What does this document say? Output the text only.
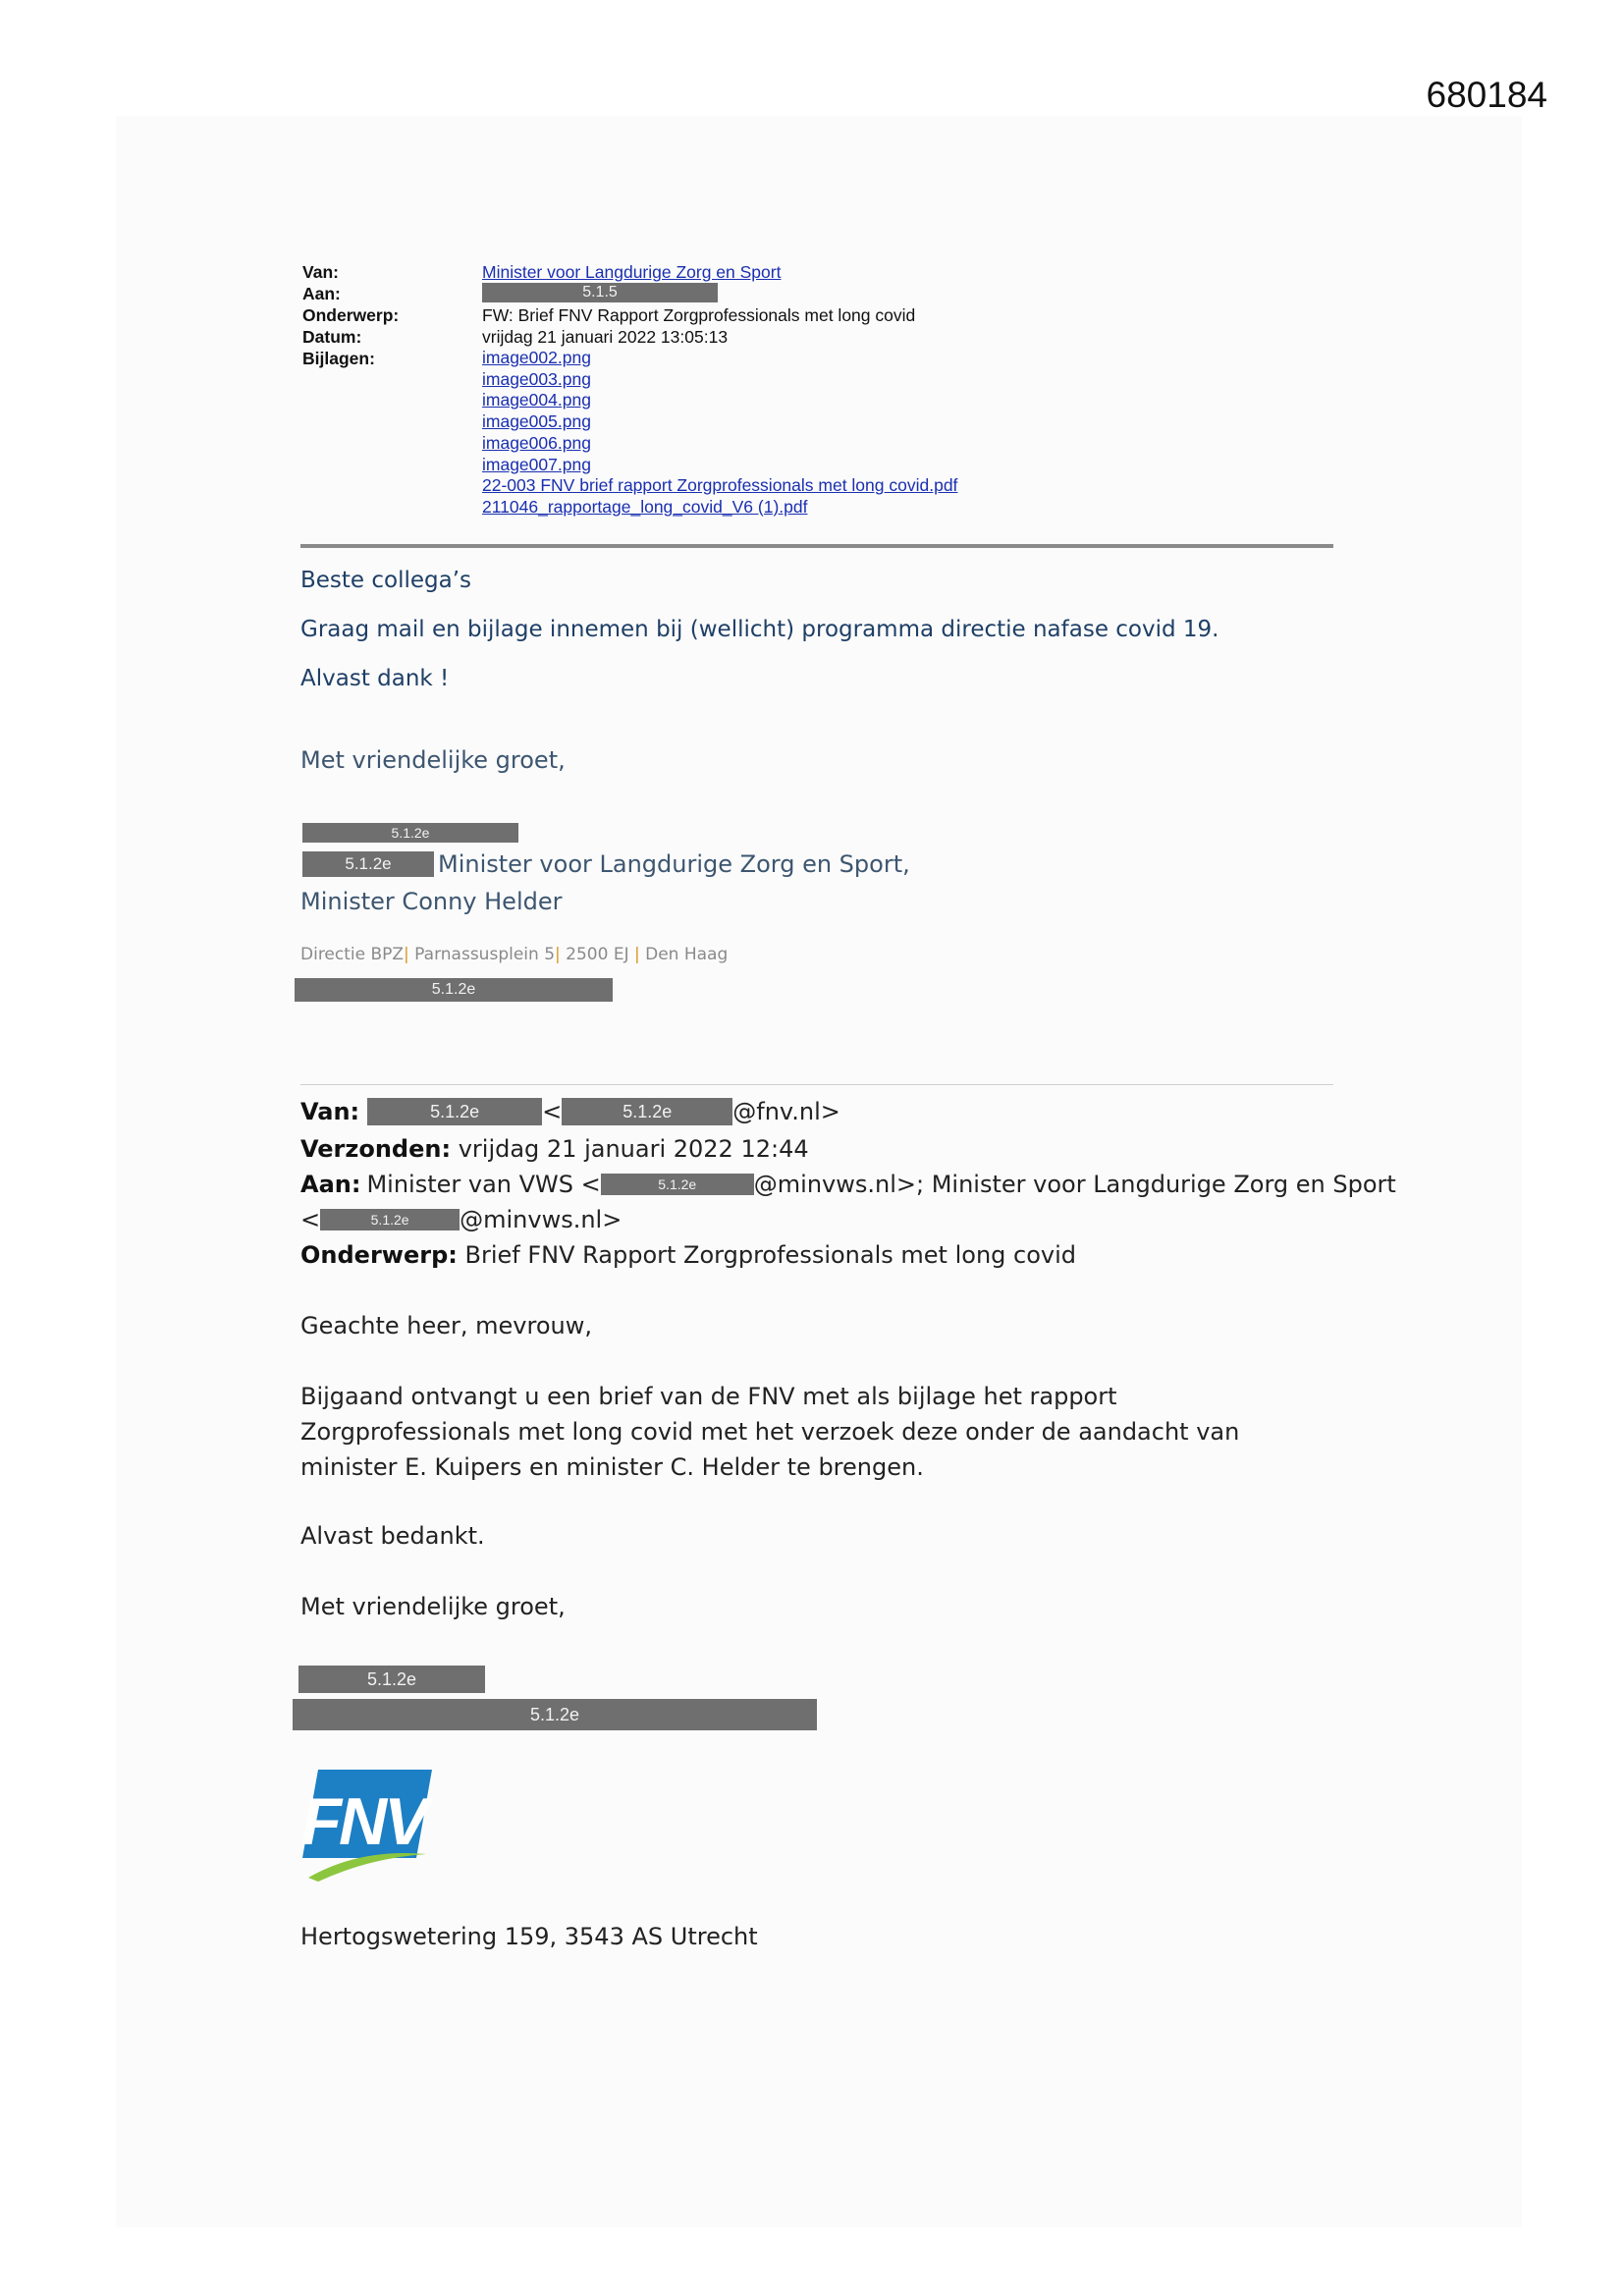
680184
Van:	Minister voor Langdurige Zorg en Sport
Aan:	5.1.5
Onderwerp:	FW: Brief FNV Rapport Zorgprofessionals met long covid
Datum:	vrijdag 21 januari 2022 13:05:13
Bijlagen:	image002.png
image003.png
image004.png
image005.png
image006.png
image007.png
22-003 FNV brief rapport Zorgprofessionals met long covid.pdf
211046_rapportage_long_covid_V6 (1).pdf
Beste collega’s
Graag mail en bijlage innemen bij (wellicht) programma directie nafase covid 19.
Alvast dank !
Met vriendelijke groet,
5.1.2e
5.1.2e	Minister voor Langdurige Zorg en Sport,
Minister Conny Helder
Directie BPZ| Parnassusplein 5| 2500 EJ | Den Haag
5.1.2e
Van:	5.1.2e	<	5.1.2e	@fnv.nl>
Verzonden: vrijdag 21 januari 2022 12:44
Aan: Minister van VWS <	5.1.2e	@minvws.nl>; Minister voor Langdurige Zorg en Sport
<	5.1.2e	@minvws.nl>
Onderwerp: Brief FNV Rapport Zorgprofessionals met long covid
Geachte heer, mevrouw,
Bijgaand ontvangt u een brief van de FNV met als bijlage het rapport Zorgprofessionals met long covid met het verzoek deze onder de aandacht van minister E. Kuipers en minister C. Helder te brengen.
Alvast bedankt.
Met vriendelijke groet,
5.1.2e
5.1.2e
FNV
Hertogswetering 159, 3543 AS Utrecht
